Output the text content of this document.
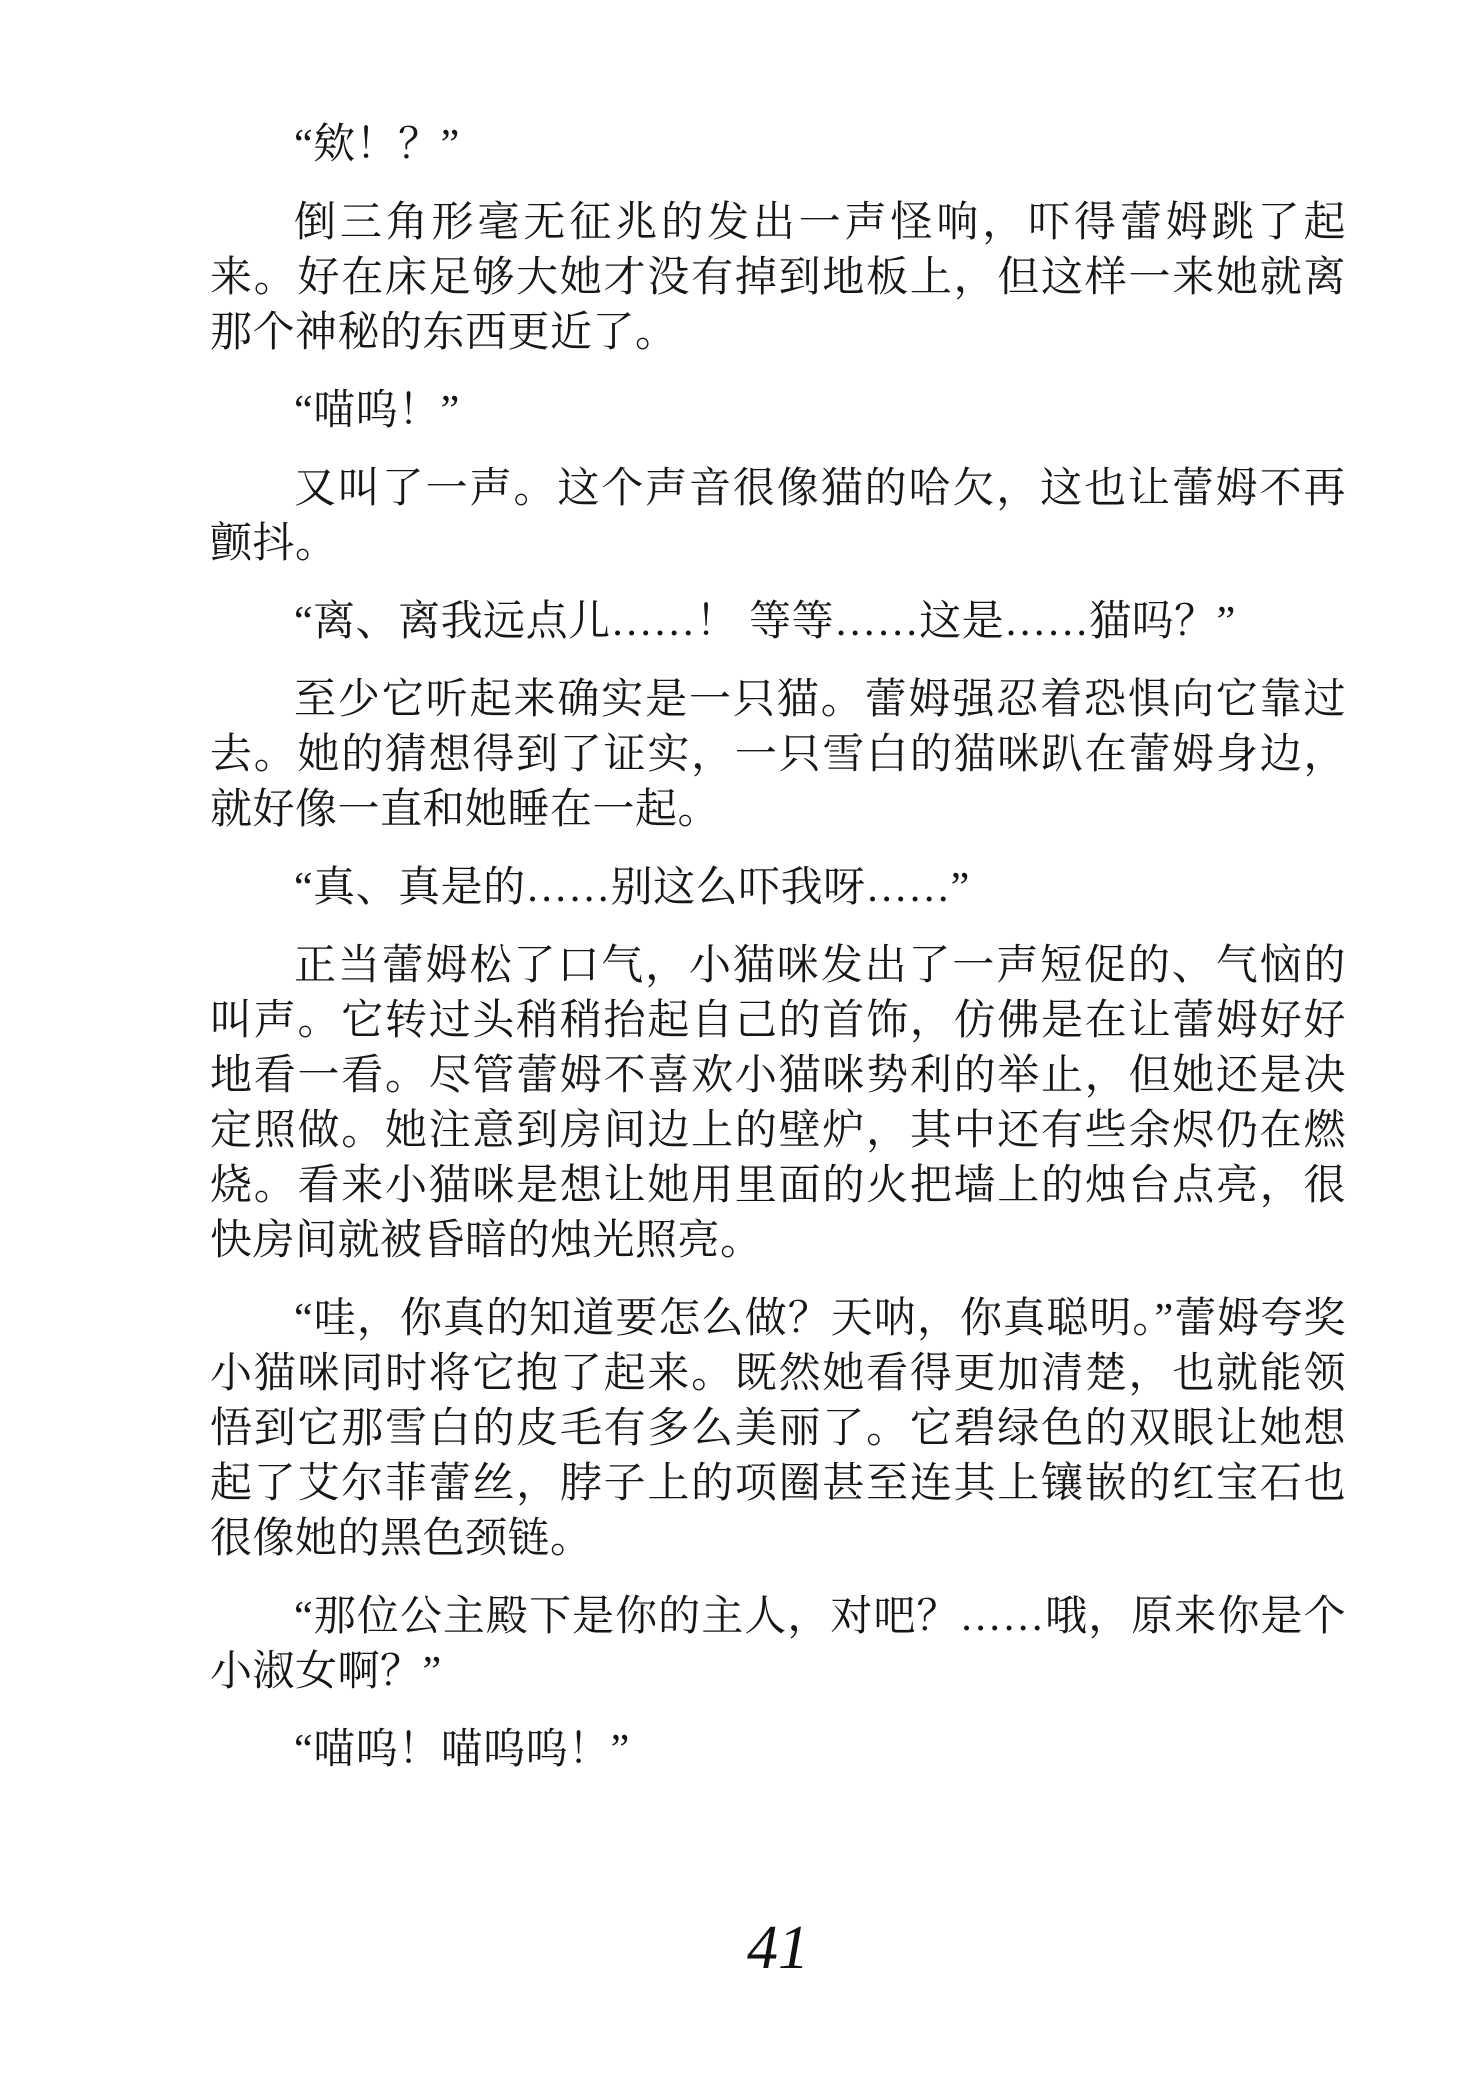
“欸！？”

倒三角形毫无征兆的发出一声怪响，吓得蕾姆跳了起来。好在床足够大她才没有掉到地板上，但这样一来她就离那个神秘的东西更近了。

“喵呜！”

又叫了一声。这个声音很像猫的哈欠，这也让蕾姆不再颤抖。

“离、离我远点儿……！ 等等……这是……猫吗？”

至少它听起来确实是一只猫。蕾姆强忍着恐惧向它靠过去。她的猜想得到了证实，一只雪白的猫咪趴在蕾姆身边，就好像一直和她睡在一起。

“真、真是的……别这么吓我呀……”

正当蕾姆松了口气，小猫咪发出了一声短促的、气恼的叫声。它转过头稍稍抬起自己的首饰，仿佛是在让蕾姆好好地看一看。尽管蕾姆不喜欢小猫咪势利的举止，但她还是决定照做。她注意到房间边上的壁炉，其中还有些余烬仍在燃烧。看来小猫咪是想让她用里面的火把墙上的烛台点亮，很快房间就被昏暗的烛光照亮。

“哇，你真的知道要怎么做？天呐，你真聪明。”蕾姆夸奖小猫咪同时将它抱了起来。既然她看得更加清楚，也就能领悟到它那雪白的皮毛有多么美丽了。它碧绿色的双眼让她想起了艾尔菲蕾丝，脖子上的项圈甚至连其上镶嵌的红宝石也很像她的黑色颈链。

“那位公主殿下是你的主人，对吧？……哦，原来你是个小淑女啊？”

“喵呜！喵呜呜！”

41
